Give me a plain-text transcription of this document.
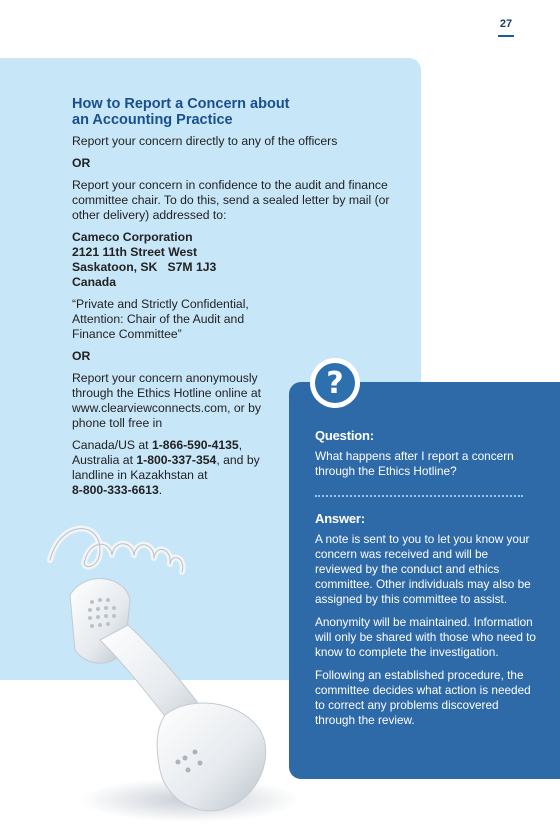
27
How to Report a Concern about
an Accounting Practice

Report your concern directly to any of the officers

OR

Report your concern in confidence to the audit and finance committee chair. To do this, send a sealed letter by mail (or other delivery) addressed to:

Cameco Corporation
2121 11th Street West
Saskatoon, SK   S7M 1J3
Canada

“Private and Strictly Confidential,
Attention: Chair of the Audit and
Finance Committee”

OR

Report your concern anonymously
through the Ethics Hotline online at
www.clearviewconnects.com, or by
phone toll free in

Canada/US at 1-866-590-4135,
Australia at 1-800-337-354, and by
landline in Kazakhstan at
8-800-333-6613.

?
Question:

What happens after I report a concern through the Ethics Hotline?

Answer:

A note is sent to you to let you know your concern was received and will be reviewed by the conduct and ethics committee. Other individuals may also be assigned by this committee to assist.

Anonymity will be maintained. Information will only be shared with those who need to know to complete the investigation.

Following an established procedure, the committee decides what action is needed to correct any problems discovered through the review.
